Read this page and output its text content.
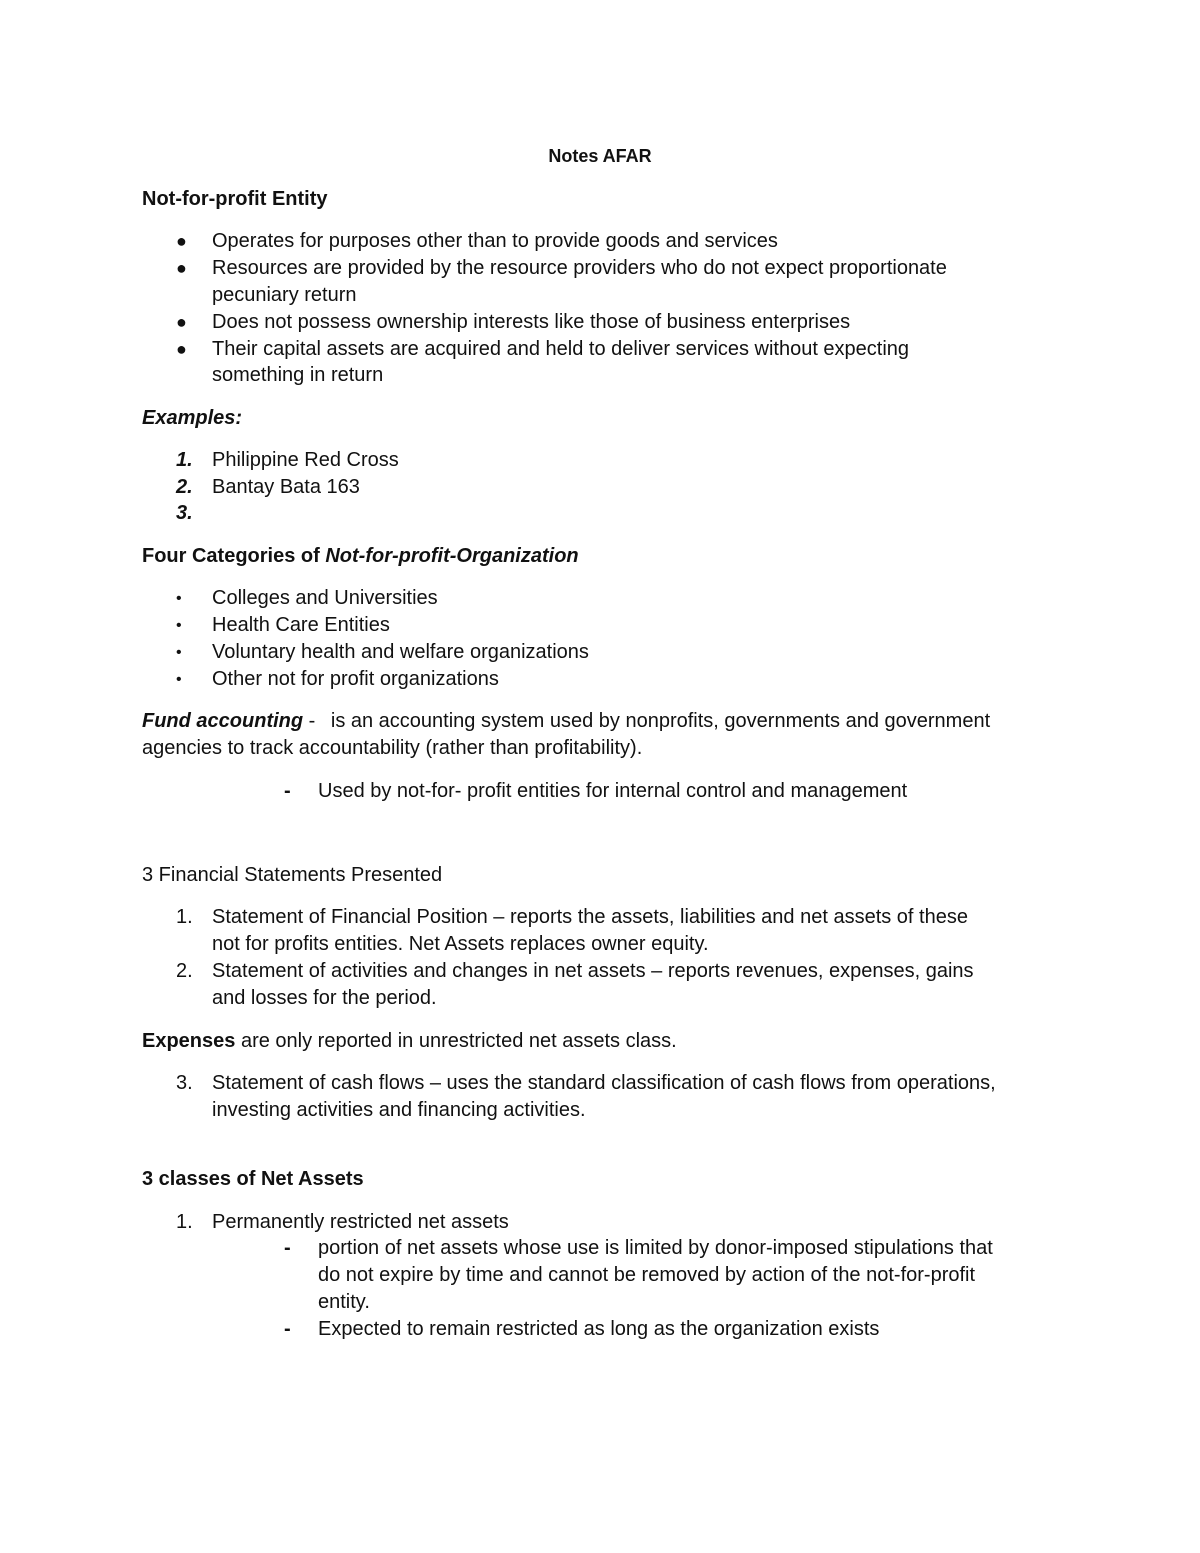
Notes AFAR
Not-for-profit Entity
● Operates for purposes other than to provide goods and services
● Resources are provided by the resource providers who do not expect proportionate
pecuniary return
● Does not possess ownership interests like those of business enterprises
● Their capital assets are acquired and held to deliver services without expecting
something in return
Examples:
1. Philippine Red Cross
2. Bantay Bata 163
3.
Four Categories of Not-for-profit-Organization
• Colleges and Universities
• Health Care Entities
• Voluntary health and welfare organizations
• Other not for profit organizations
Fund accounting - is an accounting system used by nonprofits, governments and government
agencies to track accountability (rather than profitability).
- Used by not-for- profit entities for internal control and management
3 Financial Statements Presented
1. Statement of Financial Position – reports the assets, liabilities and net assets of these
not for profits entities. Net Assets replaces owner equity.
2. Statement of activities and changes in net assets – reports revenues, expenses, gains
and losses for the period.
Expenses are only reported in unrestricted net assets class.
3. Statement of cash flows – uses the standard classification of cash flows from operations,
investing activities and financing activities.
3 classes of Net Assets
1. Permanently restricted net assets
- portion of net assets whose use is limited by donor-imposed stipulations that
do not expire by time and cannot be removed by action of the not-for-profit
entity.
- Expected to remain restricted as long as the organization exists
